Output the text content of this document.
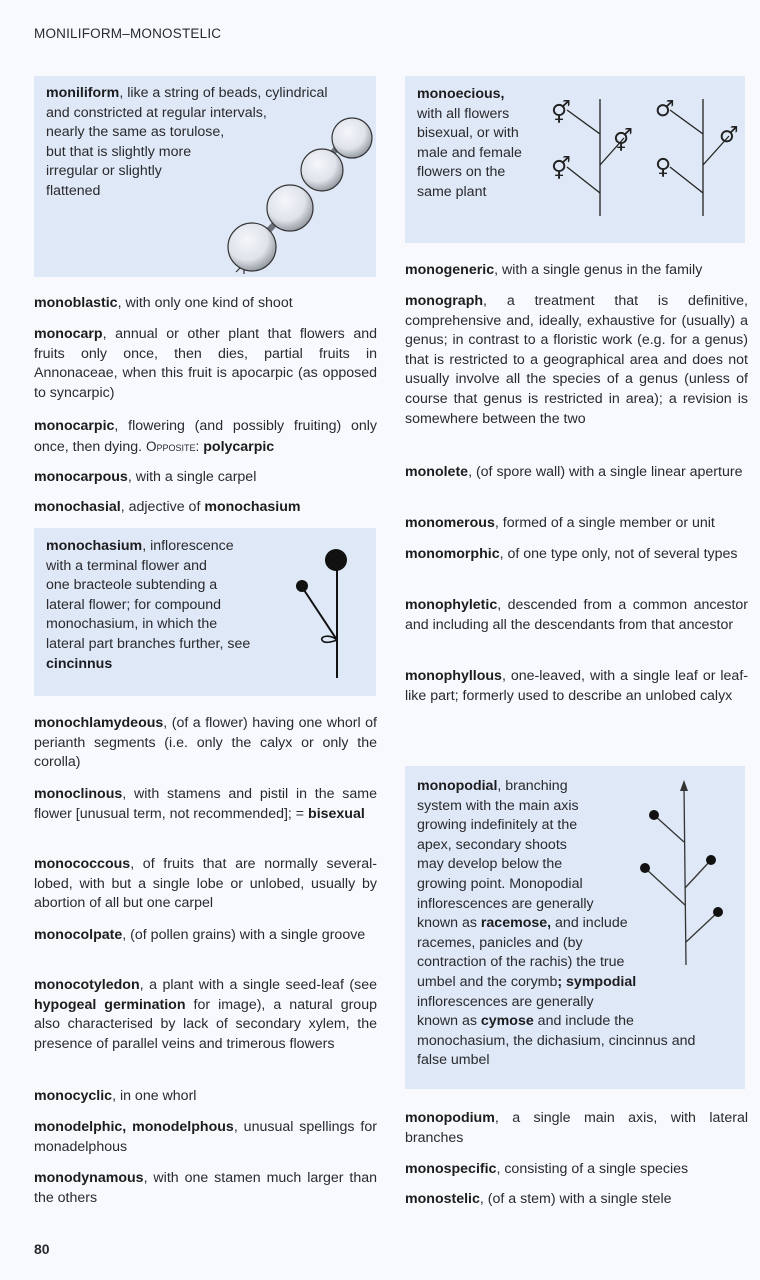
MONILIFORM–MONOSTELIC
moniliform, like a string of beads, cylindrical
and constricted at regular intervals,
nearly the same as torulose,
but that is slightly more
irregular or slightly
flattened
monoblastic, with only one kind of shoot
monocarp, annual or other plant that flowers and fruits only once, then dies, partial fruits in Annonaceae, when this fruit is apocarpic (as opposed to syncarpic)
monocarpic, flowering (and possibly fruiting) only once, then dying. Opposite: polycarpic
monocarpous, with a single carpel
monochasial, adjective of monochasium
monochasium, inflorescence
with a terminal flower and
one bracteole subtending a
lateral flower; for compound
monochasium, in which the
lateral part branches further, see
cincinnus
monochlamydeous, (of a flower) having one whorl of perianth segments (i.e. only the calyx or only the corolla)
monoclinous, with stamens and pistil in the same flower [unusual term, not recommended]; = bisexual
monococcous, of fruits that are normally several-lobed, with but a single lobe or unlobed, usually by abortion of all but one carpel
monocolpate, (of pollen grains) with a single groove
monocotyledon, a plant with a single seed-leaf (see hypogeal germination for image), a natural group also characterised by lack of secondary xylem, the presence of parallel veins and trimerous flowers
monocyclic, in one whorl
monodelphic, monodelphous, unusual spellings for monadelphous
monodynamous, with one stamen much larger than the others
monoecious,
with all flowers
bisexual, or with
male and female
flowers on the
same plant
⚥
⚥
⚥
♂
♂
♀
monogeneric, with a single genus in the family
monograph, a treatment that is definitive, comprehensive and, ideally, exhaustive for (usually) a genus; in contrast to a floristic work (e.g. for a genus) that is restricted to a geographical area and does not usually involve all the species of a genus (unless of course that genus is restricted in area); a revision is somewhere between the two
monolete, (of spore wall) with a single linear aperture
monomerous, formed of a single member or unit
monomorphic, of one type only, not of several types
monophyletic, descended from a common ancestor and including all the descendants from that ancestor
monophyllous, one-leaved, with a single leaf or leaf-like part; formerly used to describe an unlobed calyx
monopodial, branching
system with the main axis
growing indefinitely at the
apex, secondary shoots
may develop below the
growing point. Monopodial
inflorescences are generally
known as racemose, and include
racemes, panicles and (by
contraction of the rachis) the true
umbel and the corymb; sympodial
inflorescences are generally
known as cymose and include the
monochasium, the dichasium, cincinnus and
false umbel
monopodium, a single main axis, with lateral branches
monospecific, consisting of a single species
monostelic, (of a stem) with a single stele
80
